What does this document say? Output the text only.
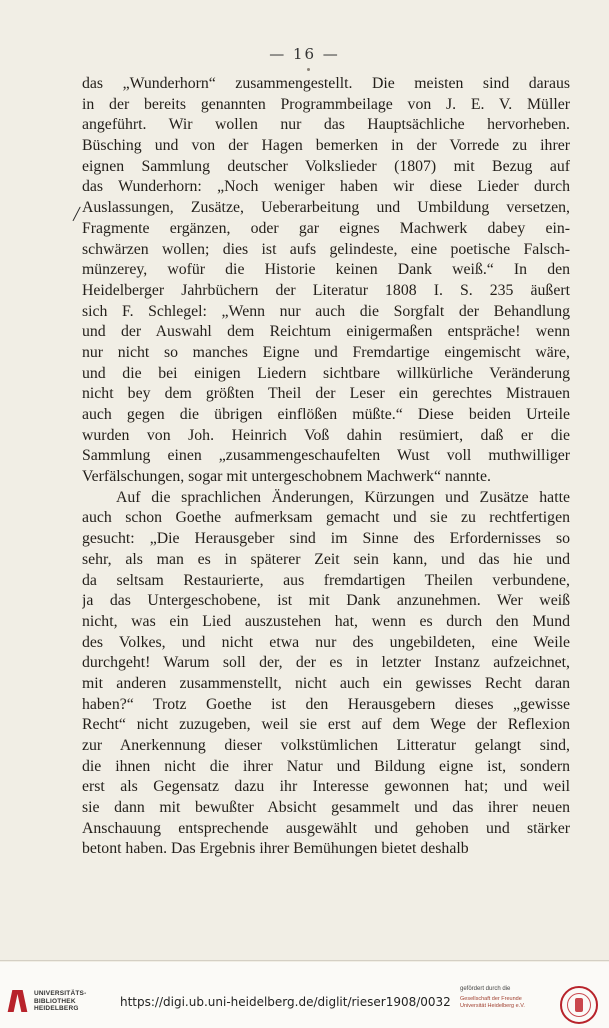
— 16 —
╱
das „Wunderhorn“ zusammengestellt. Die meisten sind daraus
in der bereits genannten Programmbeilage von J. E. V. Müller
angeführt. Wir wollen nur das Hauptsächliche hervorheben.
Büsching und von der Hagen bemerken in der Vorrede zu ihrer
eignen Sammlung deutscher Volkslieder (1807) mit Bezug auf
das Wunderhorn: „Noch weniger haben wir diese Lieder durch
Auslassungen, Zusätze, Ueberarbeitung und Umbildung versetzen,
Fragmente ergänzen, oder gar eignes Machwerk dabey ein-
schwärzen wollen; dies ist aufs gelindeste, eine poetische Falsch-
münzerey, wofür die Historie keinen Dank weiß.“ In den
Heidelberger Jahrbüchern der Literatur 1808 I. S. 235 äußert
sich F. Schlegel: „Wenn nur auch die Sorgfalt der Behandlung
und der Auswahl dem Reichtum einigermaßen entspräche! wenn
nur nicht so manches Eigne und Fremdartige eingemischt wäre,
und die bei einigen Liedern sichtbare willkürliche Veränderung
nicht bey dem größten Theil der Leser ein gerechtes Mistrauen
auch gegen die übrigen einflößen müßte.“ Diese beiden Urteile
wurden von Joh. Heinrich Voß dahin resümiert, daß er die
Sammlung einen „zusammengeschaufelten Wust voll muthwilliger
Verfälschungen, sogar mit untergeschobnem Machwerk“ nannte.
Auf die sprachlichen Änderungen, Kürzungen und Zusätze hatte
auch schon Goethe aufmerksam gemacht und sie zu rechtfertigen
gesucht: „Die Herausgeber sind im Sinne des Erfordernisses so
sehr, als man es in späterer Zeit sein kann, und das hie und
da seltsam Restaurierte, aus fremdartigen Theilen verbundene,
ja das Untergeschobene, ist mit Dank anzunehmen. Wer weiß
nicht, was ein Lied auszustehen hat, wenn es durch den Mund
des Volkes, und nicht etwa nur des ungebildeten, eine Weile
durchgeht! Warum soll der, der es in letzter Instanz aufzeichnet,
mit anderen zusammenstellt, nicht auch ein gewisses Recht daran
haben?“ Trotz Goethe ist den Herausgebern dieses „gewisse
Recht“ nicht zuzugeben, weil sie erst auf dem Wege der Reflexion
zur Anerkennung dieser volkstümlichen Litteratur gelangt sind,
die ihnen nicht die ihrer Natur und Bildung eigne ist, sondern
erst als Gegensatz dazu ihr Interesse gewonnen hat; und weil
sie dann mit bewußter Absicht gesammelt und das ihrer neuen
Anschauung entsprechende ausgewählt und gehoben und stärker
betont haben. Das Ergebnis ihrer Bemühungen bietet deshalb
UNIVERSITÄTS-
BIBLIOTHEK
HEIDELBERG	https://digi.ub.uni-heidelberg.de/diglit/rieser1908/0032
gefördert durch die
Gesellschaft der Freunde
Universität Heidelberg e.V.
